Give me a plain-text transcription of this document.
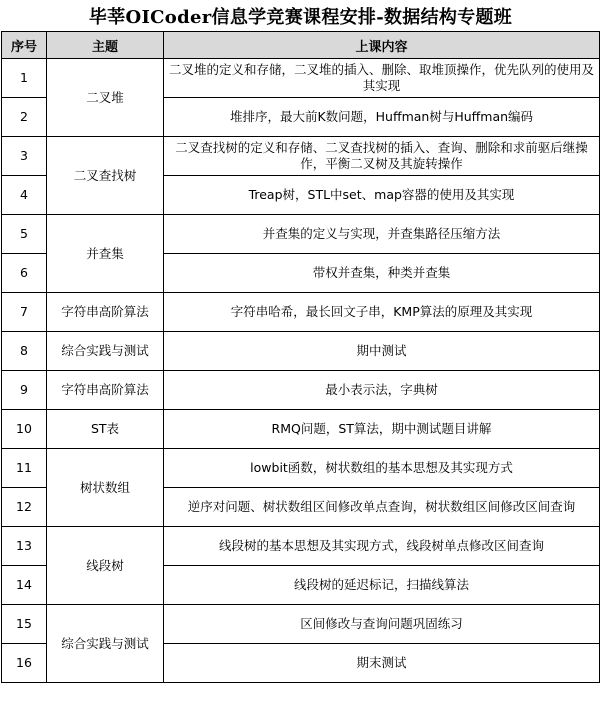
毕莘OICoder信息学竞赛课程安排-数据结构专题班
序号	主题	上课内容
1	二叉堆	二叉堆的定义和存储，二叉堆的插入、删除、取堆顶操作，优先队列的使用及其实现
2		堆排序，最大前K数问题，Huffman树与Huffman编码
3	二叉查找树	二叉查找树的定义和存储、二叉查找树的插入、查询、删除和求前驱后继操作，平衡二叉树及其旋转操作
4		Treap树，STL中set、map容器的使用及其实现
5	并查集	并查集的定义与实现，并查集路径压缩方法
6		带权并查集，种类并查集
7	字符串高阶算法	字符串哈希，最长回文子串，KMP算法的原理及其实现
8	综合实践与测试	期中测试
9	字符串高阶算法	最小表示法，字典树
10	ST表	RMQ问题，ST算法，期中测试题目讲解
11	树状数组	lowbit函数，树状数组的基本思想及其实现方式
12		逆序对问题、树状数组区间修改单点查询，树状数组区间修改区间查询
13	线段树	线段树的基本思想及其实现方式，线段树单点修改区间查询
14		线段树的延迟标记，扫描线算法
15	综合实践与测试	区间修改与查询问题巩固练习
16		期末测试
